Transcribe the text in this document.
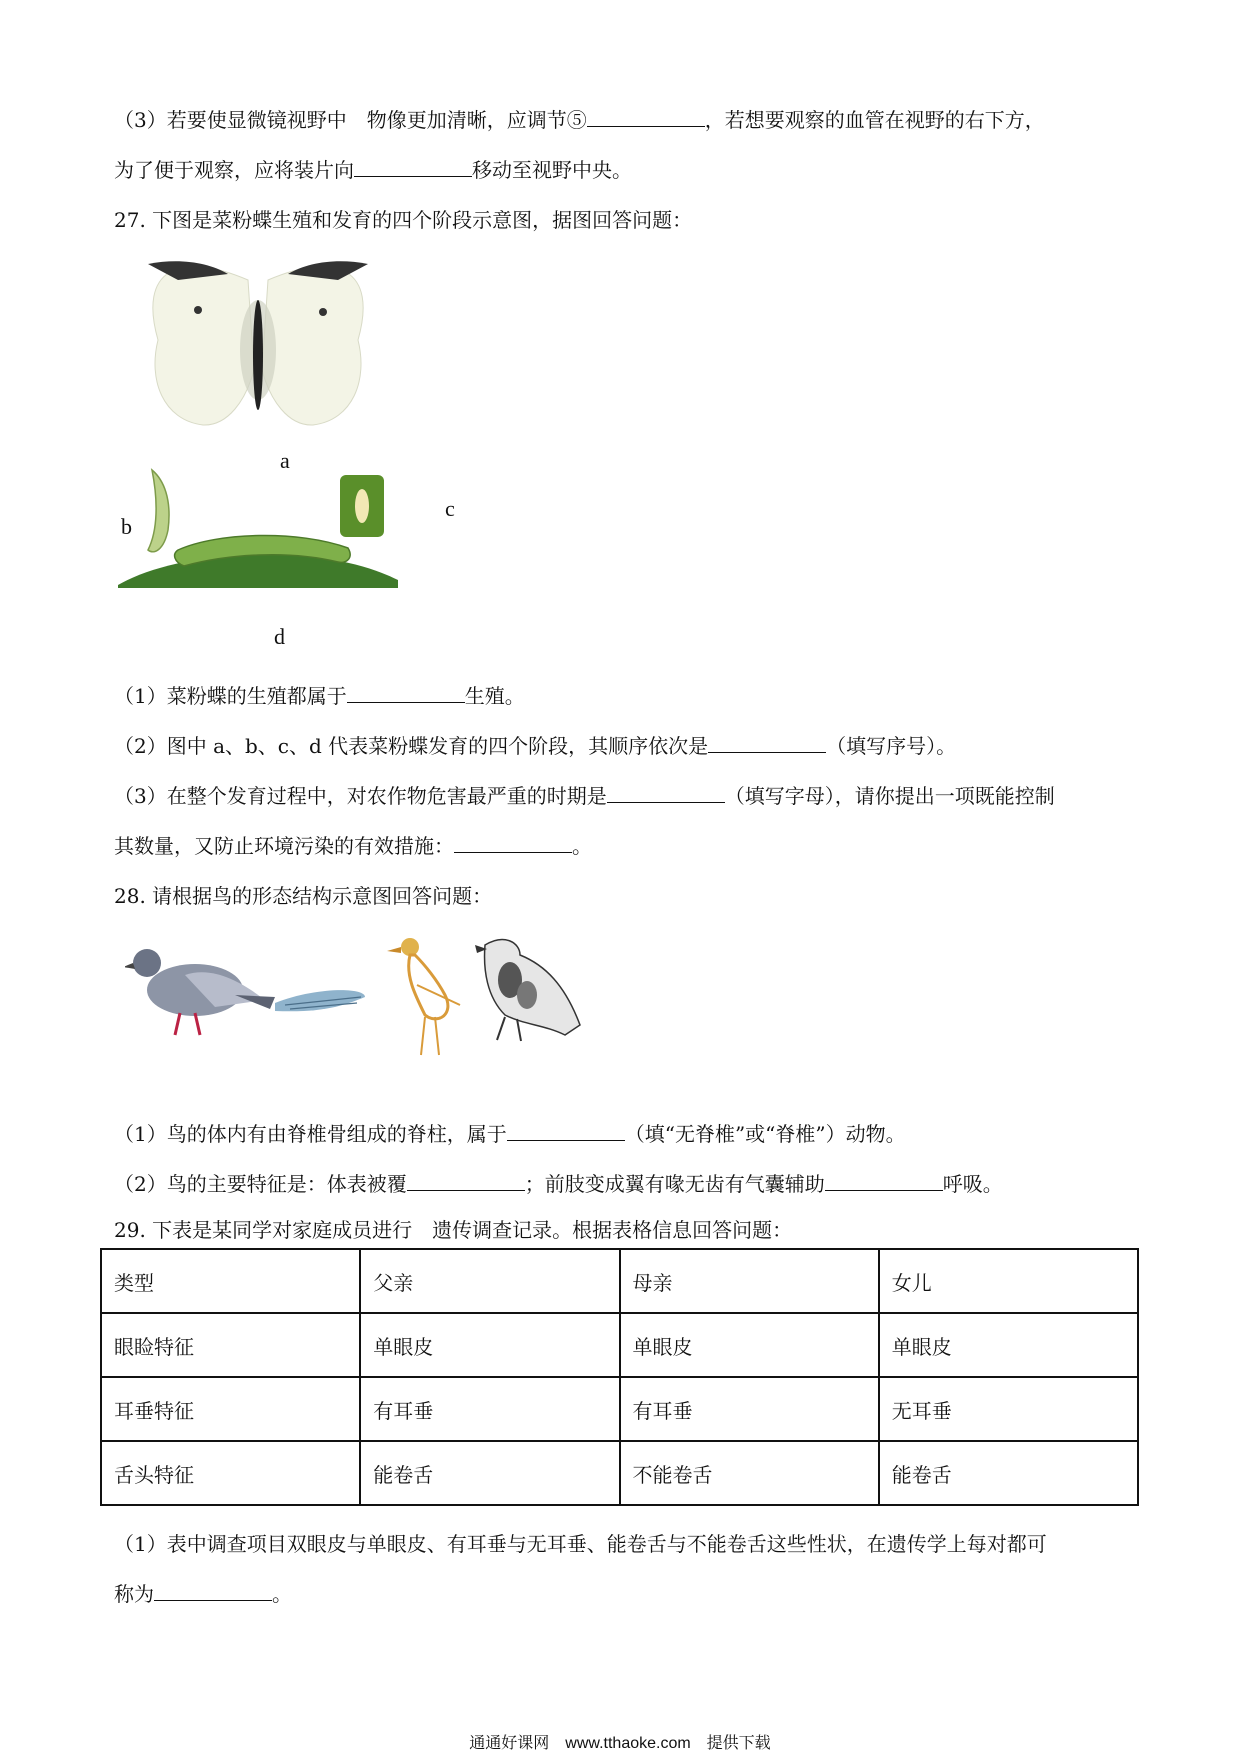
（3）若要使显微镜视野中　物像更加清晰，应调节⑤	，若想要观察的血管在视野的右下方，
为了便于观察，应将装片向	移动至视野中央。
27. 下图是菜粉蝶生殖和发育的四个阶段示意图，据图回答问题：
a
b
c
d
（1）菜粉蝶的生殖都属于	生殖。
（2）图中 a、b、c、d 代表菜粉蝶发育的四个阶段，其顺序依次是	（填写序号）。
（3）在整个发育过程中，对农作物危害最严重的时期是	（填写字母），请你提出一项既能控制
其数量，又防止环境污染的有效措施：	。
28. 请根据鸟的形态结构示意图回答问题：
（1）鸟的体内有由脊椎骨组成的脊柱，属于	（填“无脊椎”或“脊椎”）动物。
（2）鸟的主要特征是：体表被覆	；前肢变成翼有喙无齿有气囊辅助	呼吸。
29. 下表是某同学对家庭成员进行　遗传调查记录。根据表格信息回答问题：
类型	父亲	母亲	女儿
眼睑特征	单眼皮	单眼皮	单眼皮
耳垂特征	有耳垂	有耳垂	无耳垂
舌头特征	能卷舌	不能卷舌	能卷舌
（1）表中调查项目双眼皮与单眼皮、有耳垂与无耳垂、能卷舌与不能卷舌这些性状，在遗传学上每对都可
称为	。
通通好课网　www.tthaoke.com　提供下载
